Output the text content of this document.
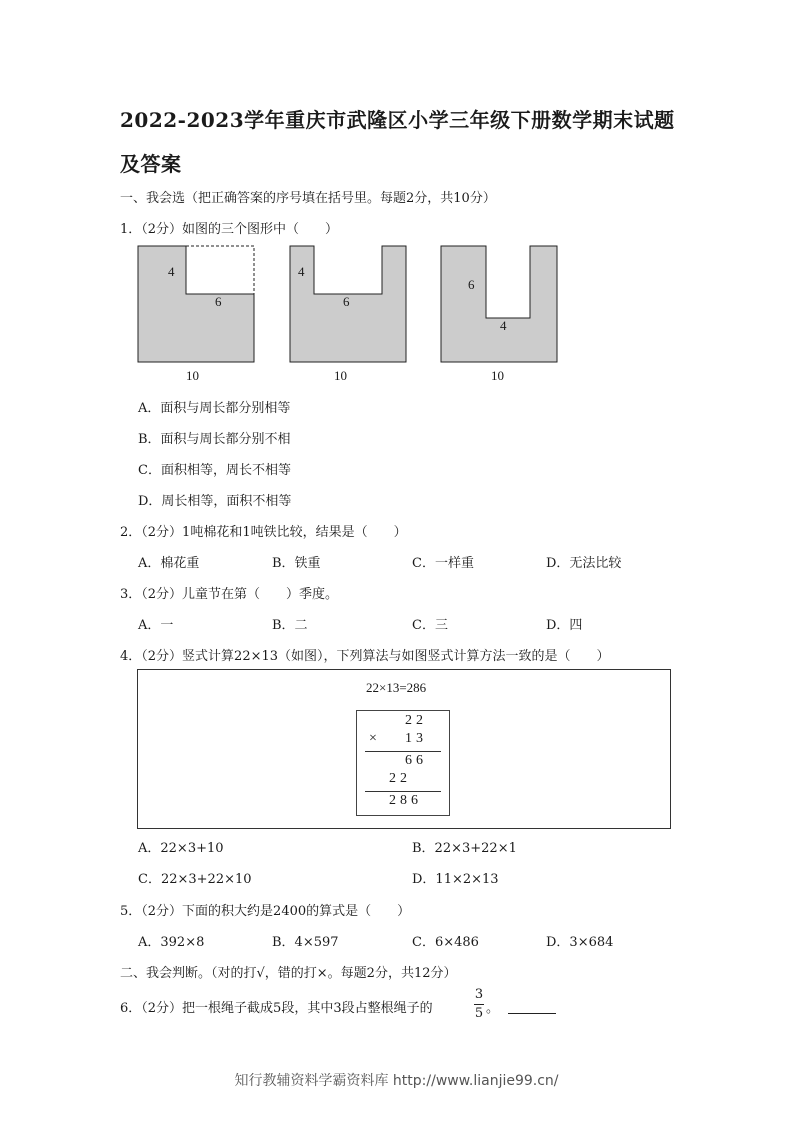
2022-2023学年重庆市武隆区小学三年级下册数学期末试题
及答案
一、我会选（把正确答案的序号填在括号里。每题2分，共10分）
1．（2分）如图的三个图形中（　　）
4
6
10
4
6
10
6
4
10
A．面积与周长都分别相等
B．面积与周长都分别不相
C．面积相等，周长不相等
D．周长相等，面积不相等
2．（2分）1吨棉花和1吨铁比较，结果是（　　）
A．棉花重	B．铁重	C．一样重	D．无法比较
3．（2分）儿童节在第（　　）季度。
A．一	B．二	C．三	D．四
4．（2分）竖式计算22×13（如图），下列算法与如图竖式计算方法一致的是（　　）
22×13=286
22
× 13
66
22
286
A．22×3+10	B．22×3+22×1
C．22×3+22×10	D．11×2×13
5．（2分）下面的积大约是2400的算式是（　　）
A．392×8	B．4×597	C．6×486	D．3×684
二、我会判断。（对的打√，错的打×。每题2分，共12分）
6．（2分）把一根绳子截成5段，其中3段占整根绳子的
3
5 。
知行教辅资料学霸资料库 http://www.lianjie99.cn/
